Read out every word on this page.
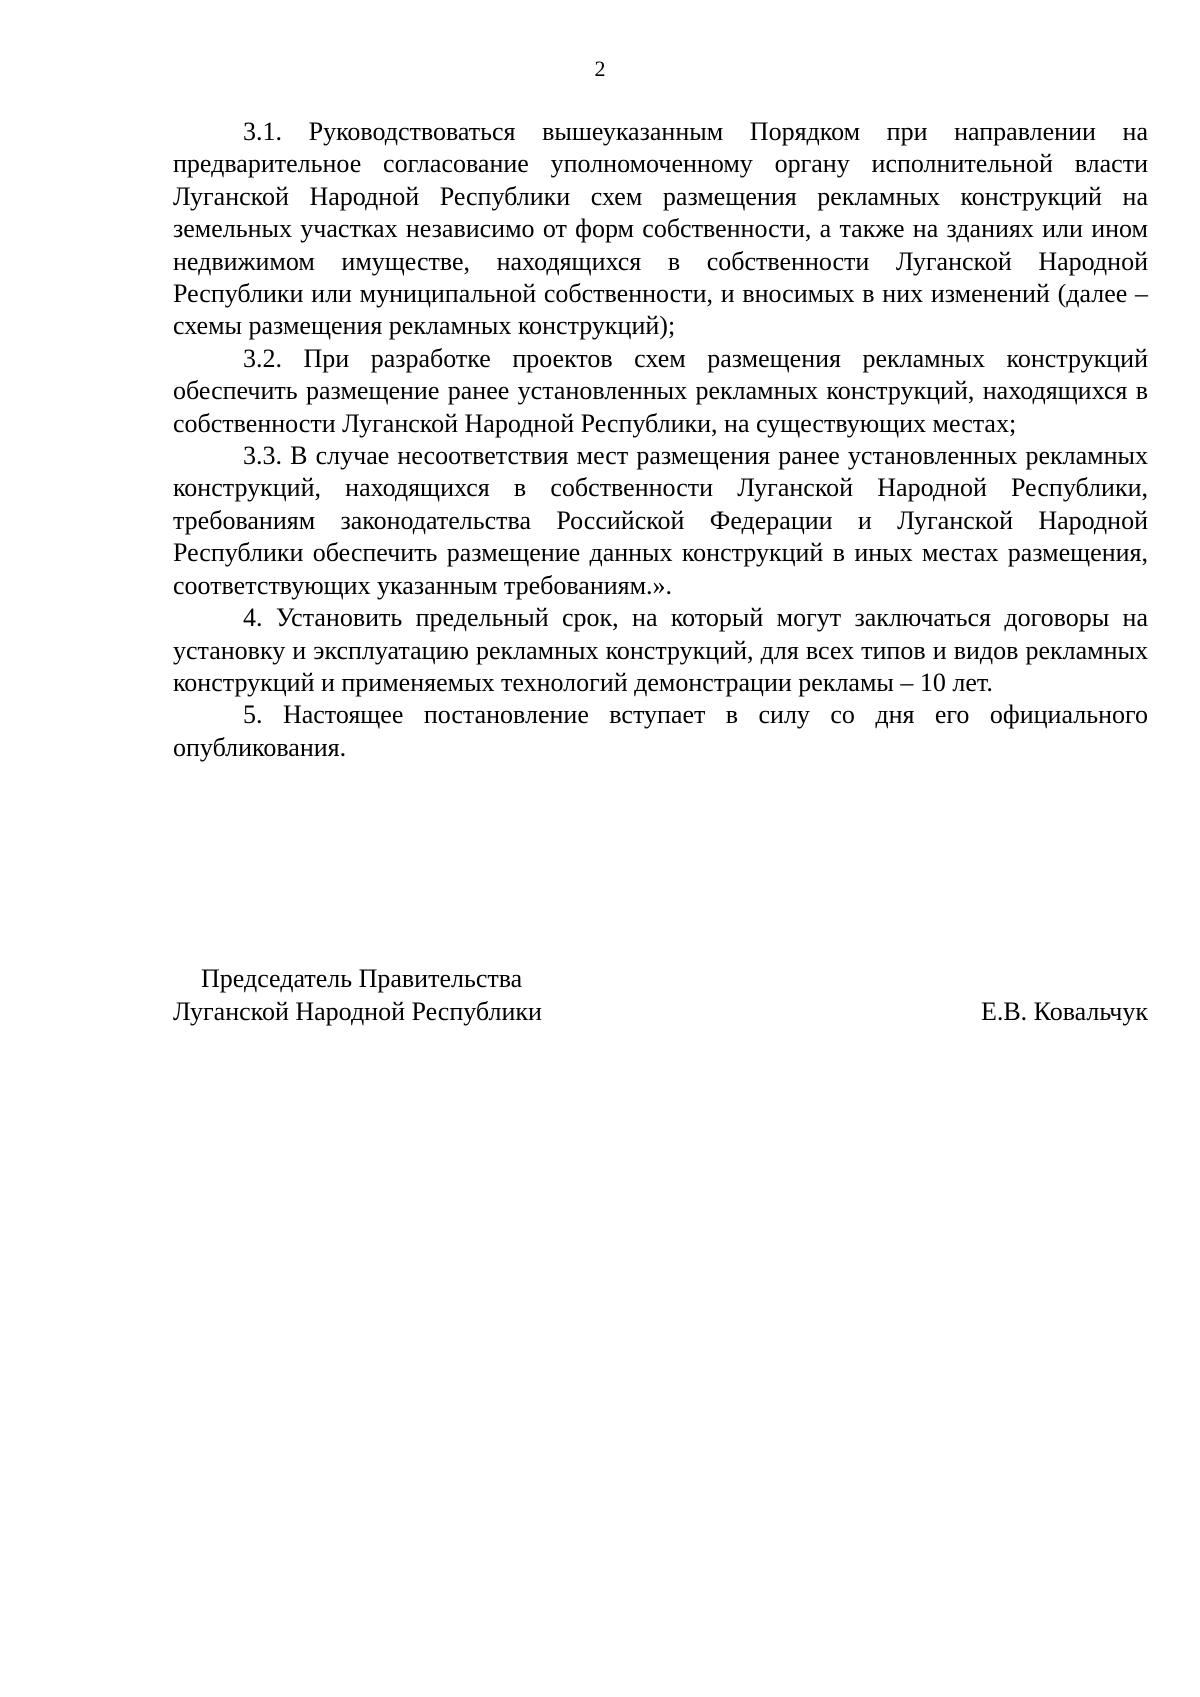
2

3.1. Руководствоваться вышеуказанным Порядком при направлении на предварительное согласование уполномоченному органу исполнительной власти Луганской Народной Республики схем размещения рекламных конструкций на земельных участках независимо от форм собственности, а также на зданиях или ином недвижимом имуществе, находящихся в собственности Луганской Народной Республики или муниципальной собственности, и вносимых в них изменений (далее – схемы размещения рекламных конструкций);

3.2. При разработке проектов схем размещения рекламных конструкций обеспечить размещение ранее установленных рекламных конструкций, находящихся в собственности Луганской Народной Республики, на существующих местах;

3.3. В случае несоответствия мест размещения ранее установленных рекламных конструкций, находящихся в собственности Луганской Народной Республики, требованиям законодательства Российской Федерации и Луганской Народной Республики обеспечить размещение данных конструкций в иных местах размещения, соответствующих указанным требованиям.».

4. Установить предельный срок, на который могут заключаться договоры на установку и эксплуатацию рекламных конструкций, для всех типов и видов рекламных конструкций и применяемых технологий демонстрации рекламы – 10 лет.

5. Настоящее постановление вступает в силу со дня его официального опубликования.

Председатель Правительства
Луганской Народной Республики	Е.В. Ковальчук
